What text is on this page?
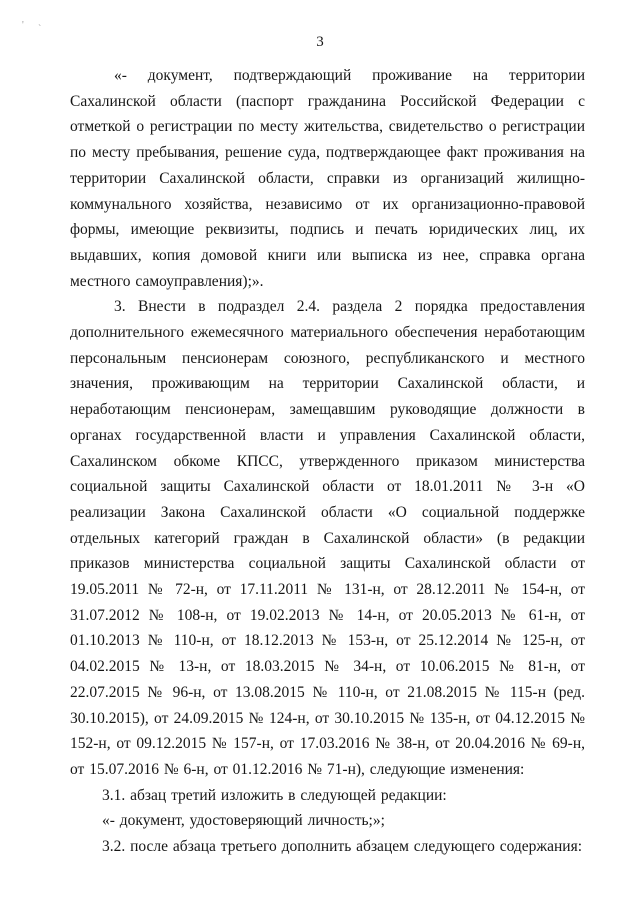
3
' `

«- документ, подтверждающий проживание на территории Сахалинской области (паспорт гражданина Российской Федерации с отметкой о регистрации по месту жительства, свидетельство о регистрации по месту пребывания, решение суда, подтверждающее факт проживания на территории Сахалинской области, справки из организаций жилищно-коммунального хозяйства, независимо от их организационно-правовой формы, имеющие реквизиты, подпись и печать юридических лиц, их выдавших, копия домовой книги или выписка из нее, справка органа местного самоуправления);».

3. Внести в подраздел 2.4. раздела 2 порядка предоставления дополнительного ежемесячного материального обеспечения неработающим персональным пенсионерам союзного, республиканского и местного значения, проживающим на территории Сахалинской области, и неработающим пенсионерам, замещавшим руководящие должности в органах государственной власти и управления Сахалинской области, Сахалинском обкоме КПСС, утвержденного приказом министерства социальной защиты Сахалинской области от 18.01.2011 № 3-н «О реализации Закона Сахалинской области «О социальной поддержке отдельных категорий граждан в Сахалинской области» (в редакции приказов министерства социальной защиты Сахалинской области от 19.05.2011 № 72-н, от 17.11.2011 № 131-н, от 28.12.2011 № 154-н, от 31.07.2012 № 108-н, от 19.02.2013 № 14-н, от 20.05.2013 № 61-н, от 01.10.2013 № 110-н, от 18.12.2013 № 153-н, от 25.12.2014 № 125-н, от 04.02.2015 № 13-н, от 18.03.2015 № 34-н, от 10.06.2015 № 81-н, от 22.07.2015 № 96-н, от 13.08.2015 № 110-н, от 21.08.2015 № 115-н (ред. 30.10.2015), от 24.09.2015 № 124-н, от 30.10.2015 № 135-н, от 04.12.2015 № 152-н, от 09.12.2015 № 157-н, от 17.03.2016 № 38-н, от 20.04.2016 № 69-н, от 15.07.2016 № 6-н, от 01.12.2016 № 71-н), следующие изменения:

3.1. абзац третий изложить в следующей редакции:

«- документ, удостоверяющий личность;»;

3.2. после абзаца третьего дополнить абзацем следующего содержания:
